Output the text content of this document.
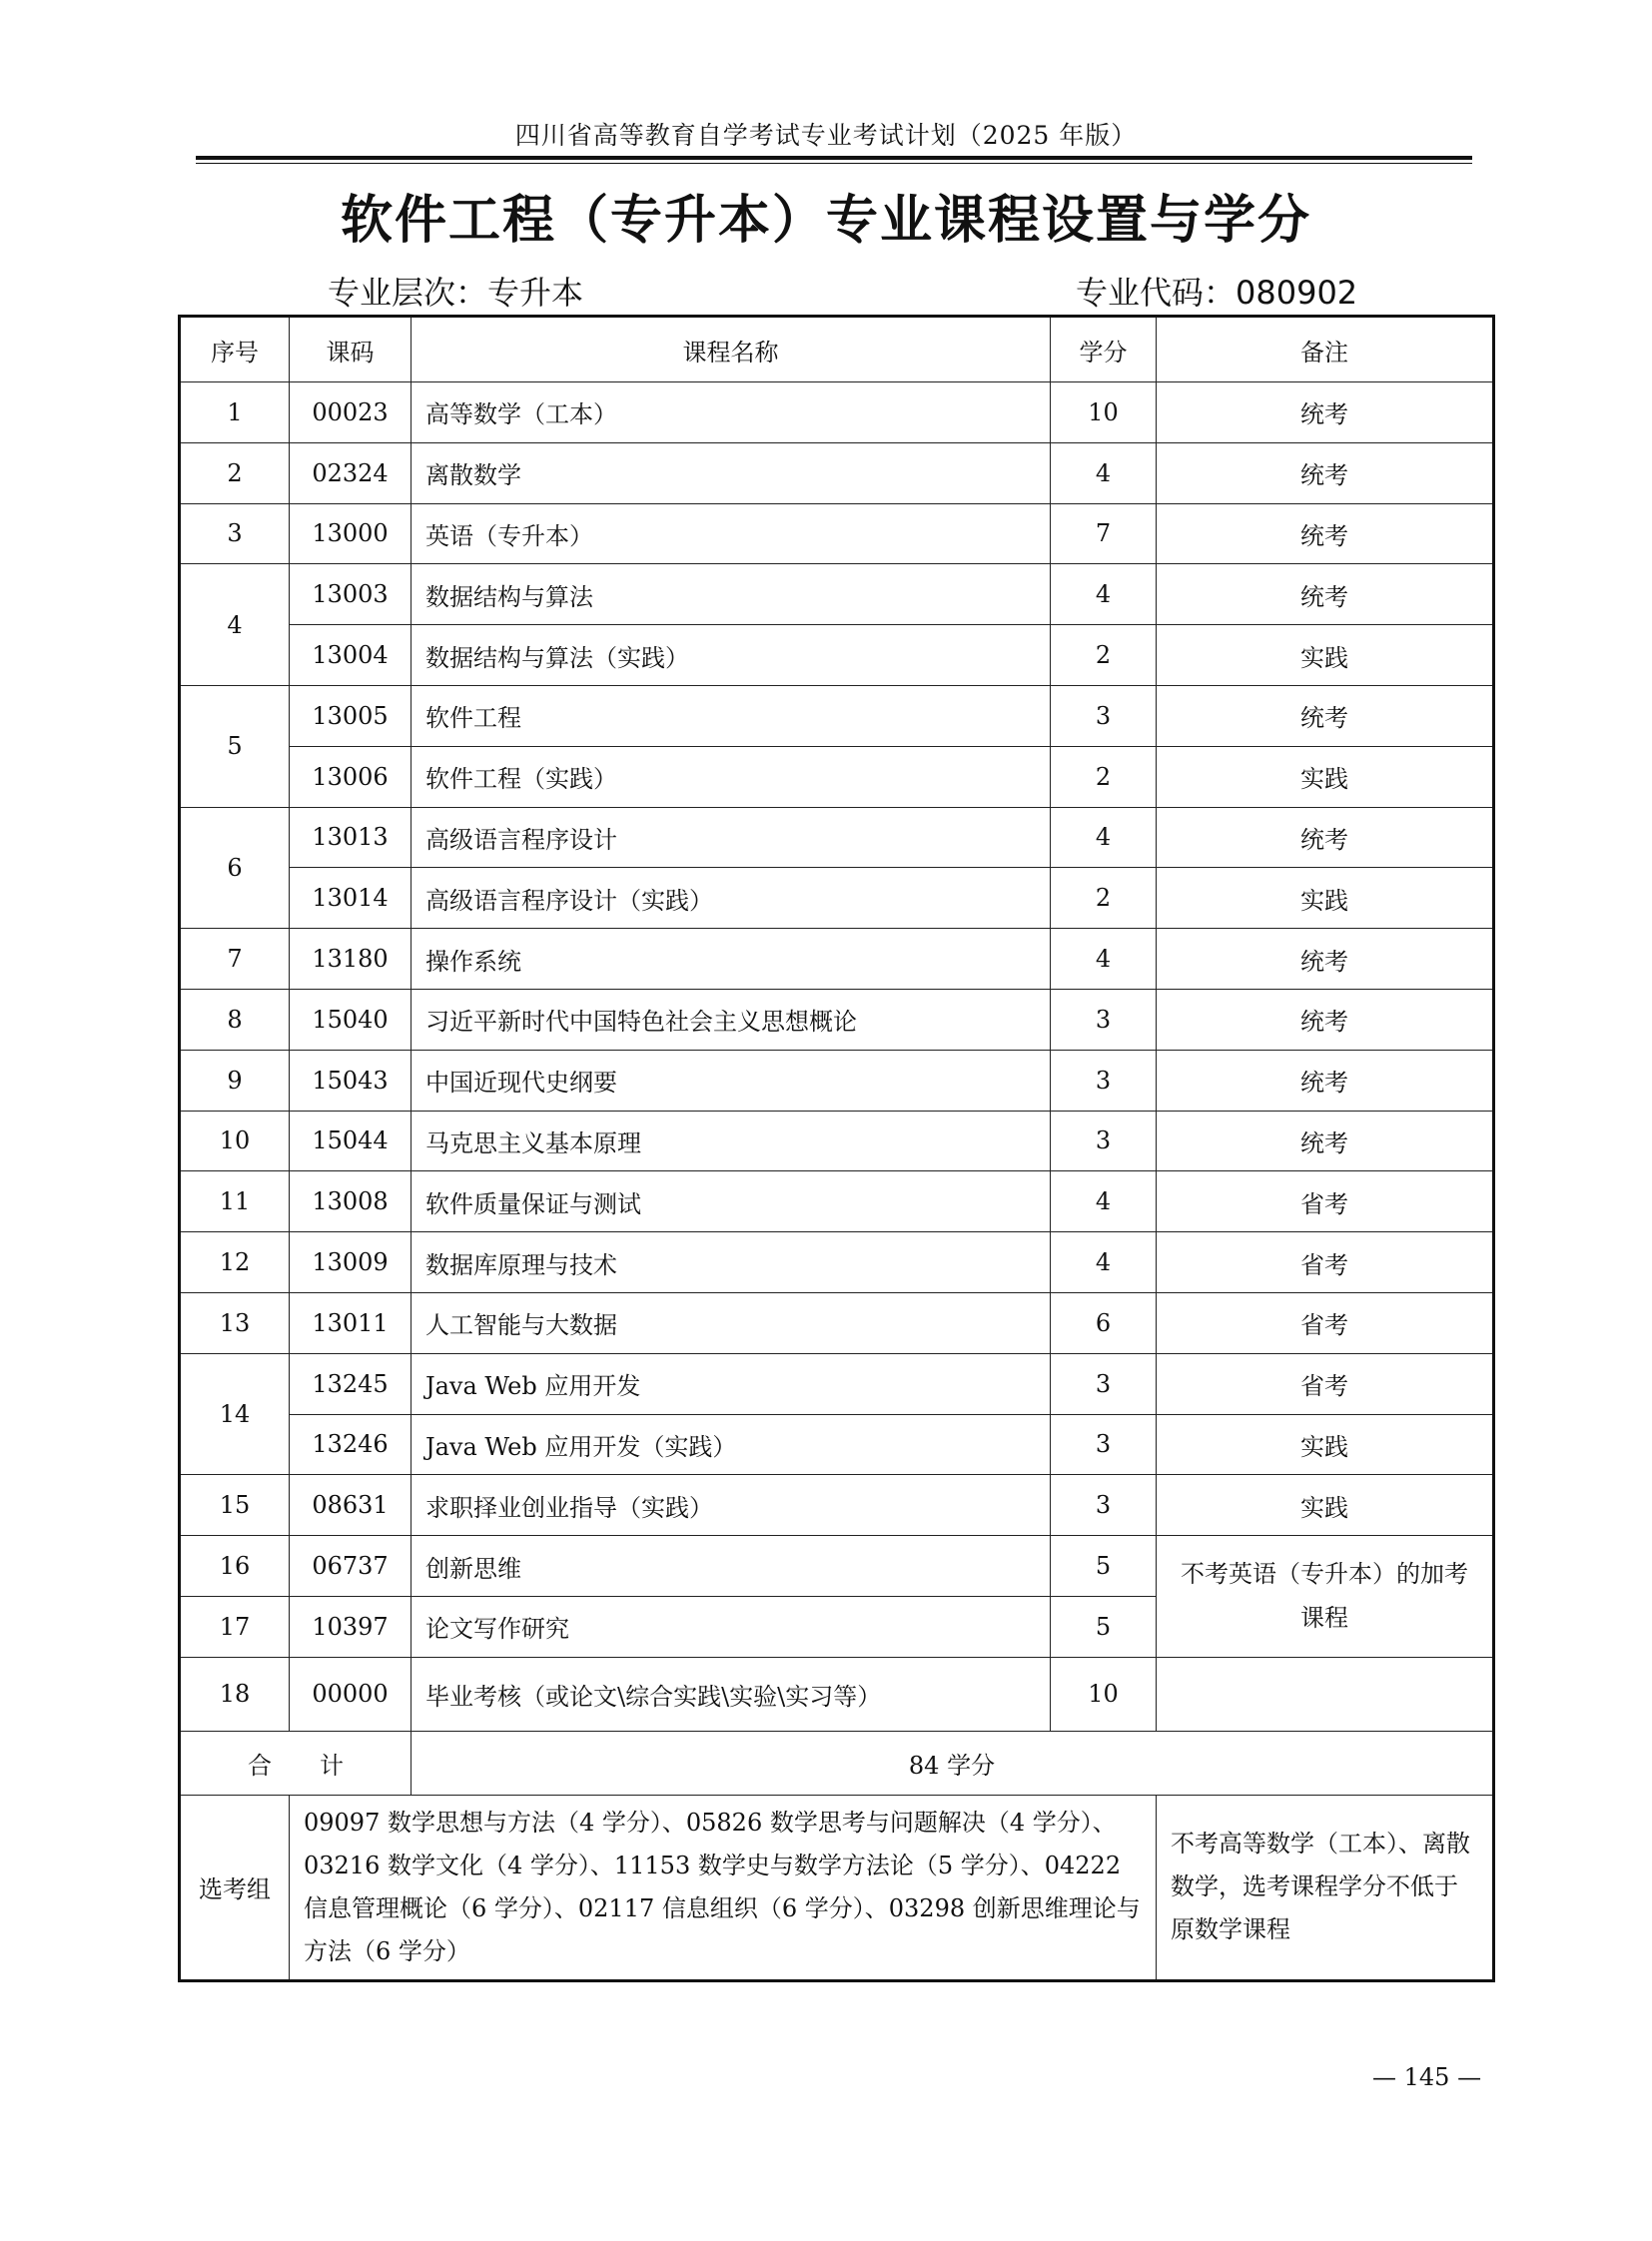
四川省高等教育自学考试专业考试计划（2025 年版）
软件工程（专升本）专业课程设置与学分
专业层次：专升本	专业代码：080902
序号	课码	课程名称	学分	备注
1	00023	高等数学（工本）	10	统考
2	02324	离散数学	4	统考
3	13000	英语（专升本）	7	统考
4	13003	数据结构与算法	4	统考
	13004	数据结构与算法（实践）	2	实践
5	13005	软件工程	3	统考
	13006	软件工程（实践）	2	实践
6	13013	高级语言程序设计	4	统考
	13014	高级语言程序设计（实践）	2	实践
7	13180	操作系统	4	统考
8	15040	习近平新时代中国特色社会主义思想概论	3	统考
9	15043	中国近现代史纲要	3	统考
10	15044	马克思主义基本原理	3	统考
11	13008	软件质量保证与测试	4	省考
12	13009	数据库原理与技术	4	省考
13	13011	人工智能与大数据	6	省考
14	13245	Java Web 应用开发	3	省考
	13246	Java Web 应用开发（实践）	3	实践
15	08631	求职择业创业指导（实践）	3	实践
16	06737	创新思维	5	不考英语（专升本）的加考课程
17	10397	论文写作研究	5	
18	00000	毕业考核（或论文\综合实践\实验\实习等）	10	
合　　计		84 学分		
选考组	09097 数学思想与方法（4 学分）、05826 数学思考与问题解决（4 学分）、03216 数学文化（4 学分）、11153 数学史与数学方法论（5 学分）、04222 信息管理概论（6 学分）、02117 信息组织（6 学分）、03298 创新思维理论与方法（6 学分）			不考高等数学（工本）、离散数学，选考课程学分不低于原数学课程
— 145 —
